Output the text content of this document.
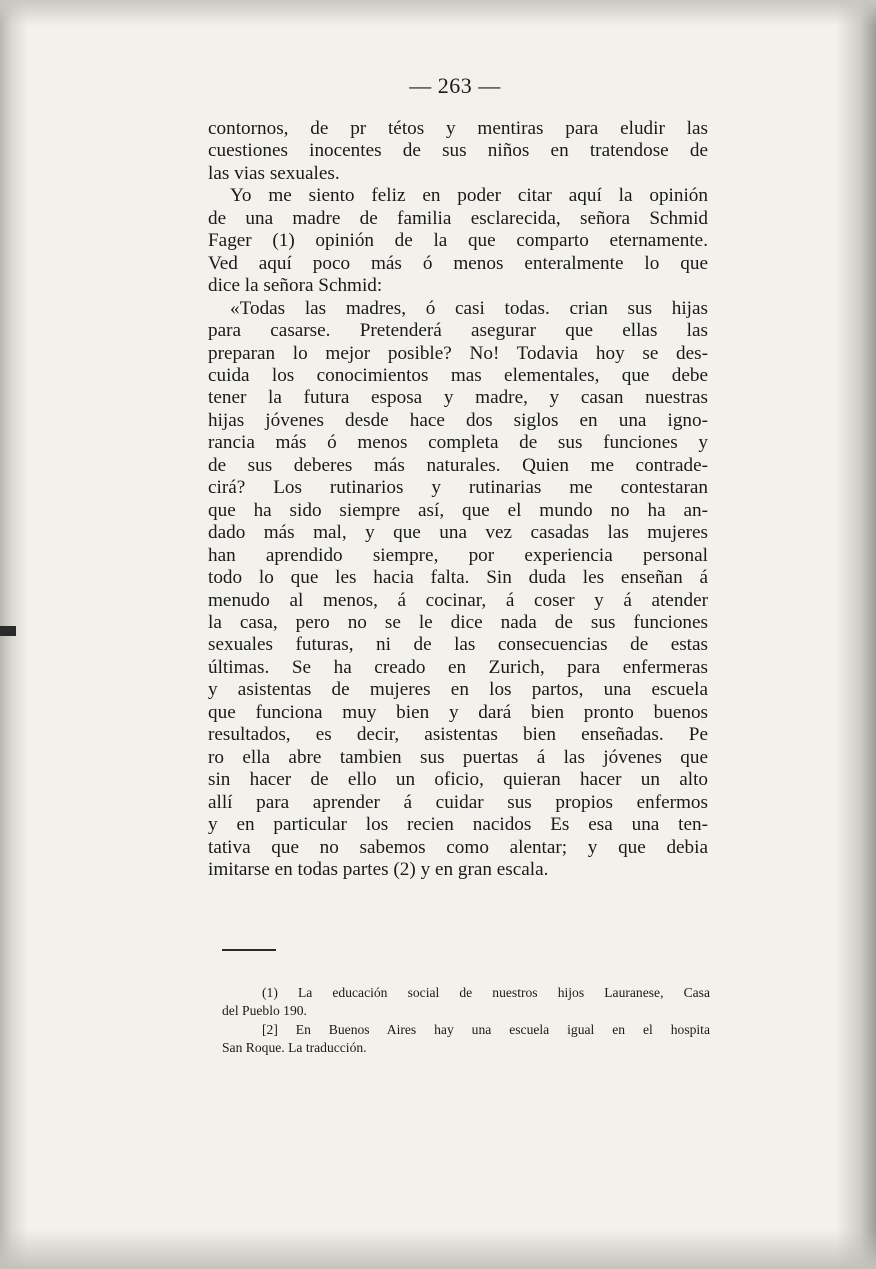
— 263 —
contornos, de pr tétos y mentiras para eludir las
cuestiones inocentes de sus niños en tratendose de
las vias sexuales.
Yo me siento feliz en poder citar aquí la opinión
de una madre de familia esclarecida, señora Schmid
Fager (1) opinión de la que comparto eternamente.
Ved aquí poco más ó menos enteralmente lo que
dice la señora Schmid:
«Todas las madres, ó casi todas. crian sus hijas
para casarse. Pretenderá asegurar que ellas las
preparan lo mejor posible? No! Todavia hoy se des-
cuida los conocimientos mas elementales, que debe
tener la futura esposa y madre, y casan nuestras
hijas jóvenes desde hace dos siglos en una igno-
rancia más ó menos completa de sus funciones y
de sus deberes más naturales. Quien me contrade-
cirá? Los rutinarios y rutinarias me contestaran
que ha sido siempre así, que el mundo no ha an-
dado más mal, y que una vez casadas las mujeres
han aprendido siempre, por experiencia personal
todo lo que les hacia falta. Sin duda les enseñan á
menudo al menos, á cocinar, á coser y á atender
la casa, pero no se le dice nada de sus funciones
sexuales futuras, ni de las consecuencias de estas
últimas. Se ha creado en Zurich, para enfermeras
y asistentas de mujeres en los partos, una escuela
que funciona muy bien y dará bien pronto buenos
resultados, es decir, asistentas bien enseñadas. Pe
ro ella abre tambien sus puertas á las jóvenes que
sin hacer de ello un oficio, quieran hacer un alto
allí para aprender á cuidar sus propios enfermos
y en particular los recien nacidos Es esa una ten-
tativa que no sabemos como alentar; y que debia
imitarse en todas partes (2) y en gran escala.
(1) La educación social de nuestros hijos Lauranese, Casa
del Pueblo 190.
[2] En Buenos Aires hay una escuela igual en el hospita
San Roque. La traducción.
